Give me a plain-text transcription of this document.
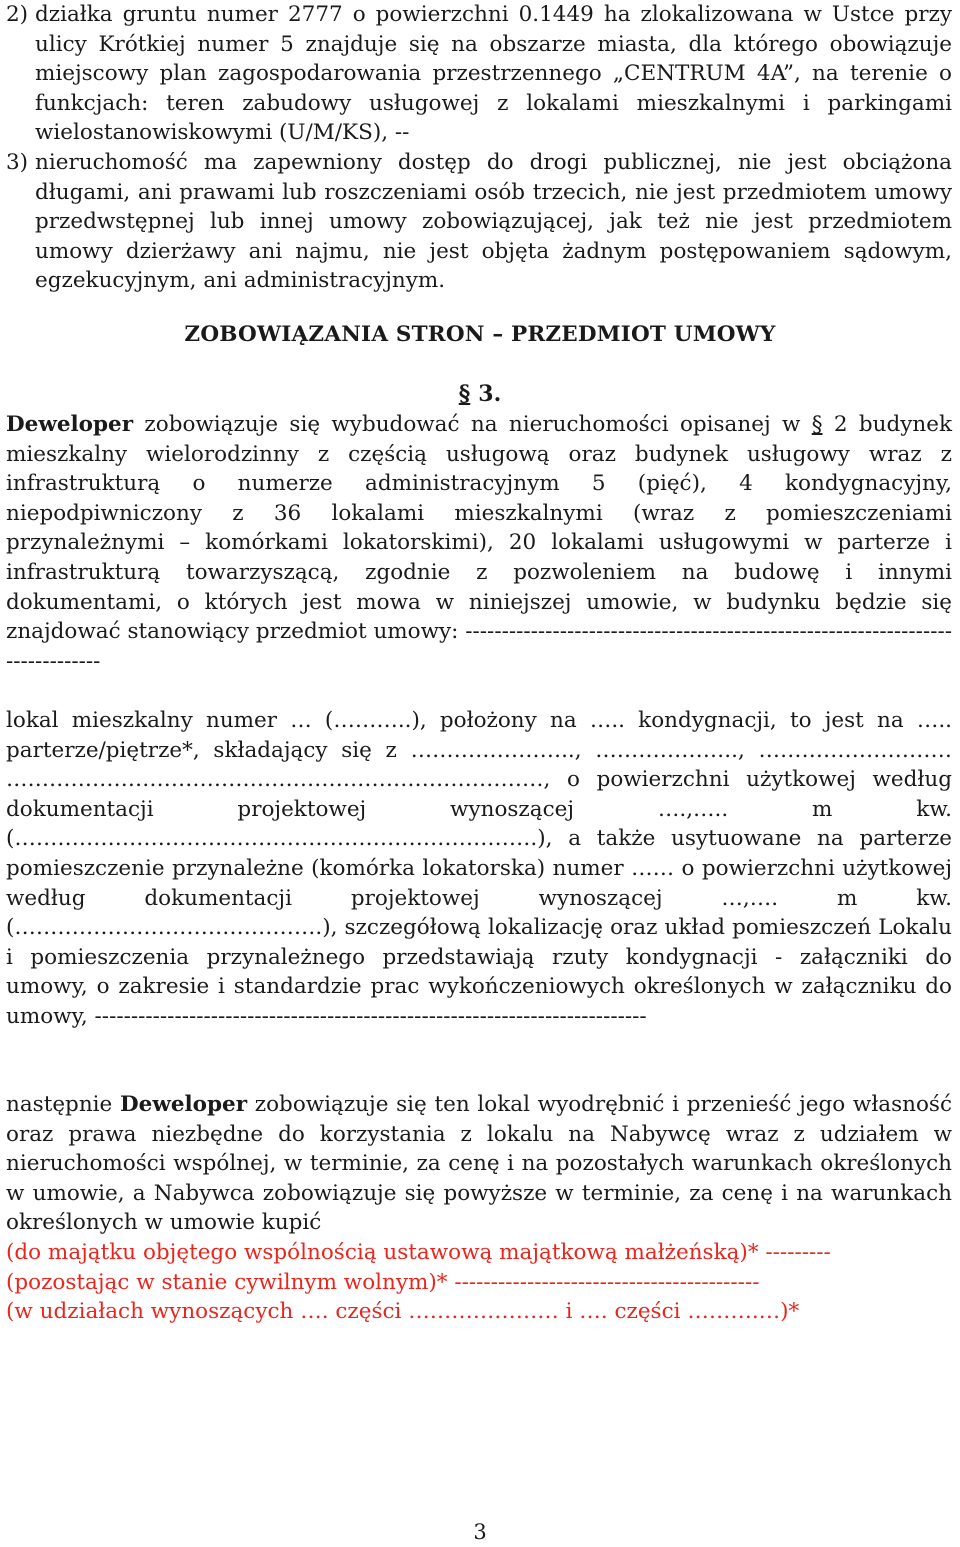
2) działka gruntu numer 2777 o powierzchni 0.1449 ha zlokalizowana w Ustce przy ulicy Krótkiej numer 5 znajduje się na obszarze miasta, dla którego obowiązuje miejscowy plan zagospodarowania przestrzennego „CENTRUM 4A”, na terenie o funkcjach: teren zabudowy usługowej z lokalami mieszkalnymi i parkingami wielostanowiskowymi (U/M/KS), --
3) nieruchomość ma zapewniony dostęp do drogi publicznej, nie jest obciążona długami, ani prawami lub roszczeniami osób trzecich, nie jest przedmiotem umowy przedwstępnej lub innej umowy zobowiązującej, jak też nie jest przedmiotem umowy dzierżawy ani najmu, nie jest objęta żadnym postępowaniem sądowym, egzekucyjnym, ani administracyjnym.
ZOBOWIĄZANIA STRON – PRZEDMIOT UMOWY
§ 3.
Deweloper zobowiązuje się wybudować na nieruchomości opisanej w § 2 budynek mieszkalny wielorodzinny z częścią usługową oraz budynek usługowy wraz z infrastrukturą o numerze administracyjnym 5 (pięć), 4 kondygnacyjny, niepodpiwniczony z 36 lokalami mieszkalnymi (wraz z pomieszczeniami przynależnymi – komórkami lokatorskimi), 20 lokalami usługowymi w parterze i infrastrukturą towarzyszącą, zgodnie z pozwoleniem na budowę i innymi dokumentami, o których jest mowa w niniejszej umowie, w budynku będzie się znajdować stanowiący przedmiot umowy: --------------------------------------------------------------------------------
lokal mieszkalny numer … (………..), położony na ….. kondygnacji, to jest na ….. parterze/piętrze*, składający się z ………………….., ……………….., ……………………… …………………………………………………………………, o powierzchni użytkowej według dokumentacji projektowej wynoszącej ….,….. m kw. (……………………………………………………………….), a także usytuowane na parterze pomieszczenie przynależne (komórka lokatorska) numer …… o powierzchni użytkowej według dokumentacji projektowej wynoszącej …,…. m kw. (…………………………………….), szczegółową lokalizację oraz układ pomieszczeń Lokalu i pomieszczenia przynależnego przedstawiają rzuty kondygnacji - załączniki do umowy, o zakresie i standardzie prac wykończeniowych określonych w załączniku do umowy, ----------------------------------------------------------------------------
następnie Deweloper zobowiązuje się ten lokal wyodrębnić i przenieść jego własność oraz prawa niezbędne do korzystania z lokalu na Nabywcę wraz z udziałem w nieruchomości wspólnej, w terminie, za cenę i na pozostałych warunkach określonych w umowie, a Nabywca zobowiązuje się powyższe w terminie, za cenę i na warunkach określonych w umowie kupić
(do majątku objętego wspólnością ustawową majątkową małżeńską)* ---------
(pozostając w stanie cywilnym wolnym)* ------------------------------------------
(w udziałach wynoszących …. części ………………… i …. części ……….…)*
3
